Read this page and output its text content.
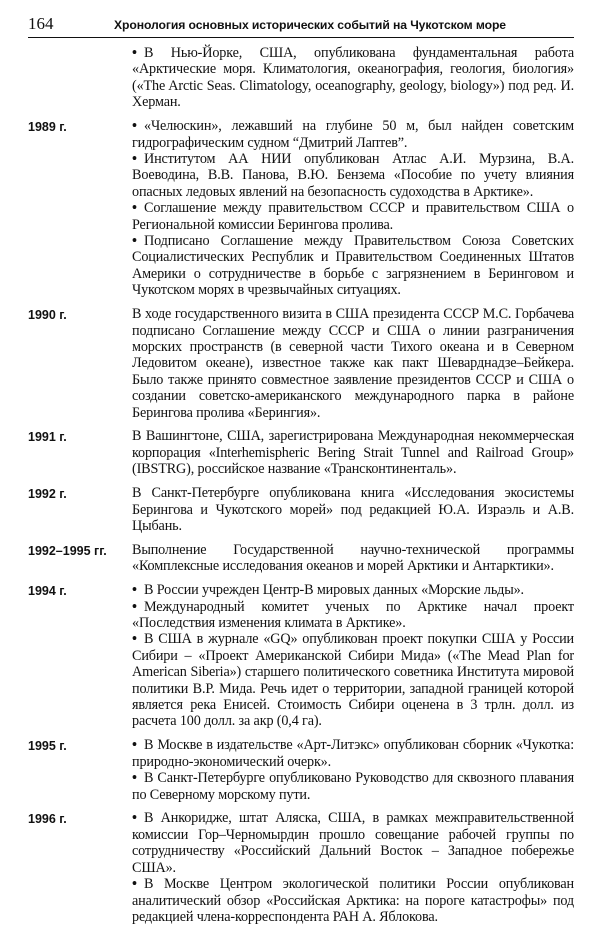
164	Хронология основных исторических событий на Чукотском море

• В Нью-Йорке, США, опубликована фундаментальная работа «Арктические моря. Климатология, океанография, геология, биология» («The Arctic Seas. Climatology, oceanography, geology, biology») под ред. И. Херман.

1989 г.	• «Челюскин», лежавший на глубине 50 м, был найден советским гидрографическим судном “Дмитрий Лаптев”.

• Институтом АА НИИ опубликован Атлас А.И. Мурзина, В.А. Воеводина, В.В. Панова, В.Ю. Бензема «Пособие по учету влияния опасных ледовых явлений на безопасность судоходства в Арктике».

• Соглашение между правительством СССР и правительством США о Региональной комиссии Берингова пролива.

• Подписано Соглашение между Правительством Союза Советских Социалистических Республик и Правительством Соединенных Штатов Америки о сотрудничестве в борьбе с загрязнением в Беринговом и Чукотском морях в чрезвычайных ситуациях.

1990 г.	В ходе государственного визита в США президента СССР М.С. Горбачева подписано Соглашение между СССР и США о линии разграничения морских пространств (в северной части Тихого океана и в Северном Ледовитом океане), известное также как пакт Шеварднадзе–Бейкера. Было также принято совместное заявление президентов СССР и США о создании советско-американского международного парка в районе Берингова пролива «Берингия».

1991 г.	В Вашингтоне, США, зарегистрирована Международная некоммерческая корпорация «Interhemispheric Bering Strait Tunnel and Railroad Group» (IBSTRG), российское название «Трансконтиненталь».

1992 г.	В Санкт-Петербурге опубликована книга «Исследования экосистемы Берингова и Чукотского морей» под редакцией Ю.А. Израэль и А.В. Цыбань.

1992–1995 гг.	Выполнение Государственной научно-технической программы «Комплексные исследования океанов и морей Арктики и Антарктики».

1994 г.	• В России учрежден Центр-В мировых данных «Морские льды».

• Международный комитет ученых по Арктике начал проект «Последствия изменения климата в Арктике».

• В США в журнале «GQ» опубликован проект покупки США у России Сибири – «Проект Американской Сибири Мида» («The Mead Plan for American Siberia») старшего политического советника Института мировой политики В.Р. Мида. Речь идет о территории, западной границей которой является река Енисей. Стоимость Сибири оценена в 3 трлн. долл. из расчета 100 долл. за акр (0,4 га).

1995 г.	• В Москве в издательстве «Арт-Литэкс» опубликован сборник «Чукотка: природно-экономический очерк».

• В Санкт-Петербурге опубликовано Руководство для сквозного плавания по Северному морскому пути.

1996 г.	• В Анкоридже, штат Аляска, США, в рамках межправительственной комиссии Гор–Черномырдин прошло совещание рабочей группы по сотрудничеству «Российский Дальний Восток – Западное побережье США».

• В Москве Центром экологической политики России опубликован аналитический обзор «Российская Арктика: на пороге катастрофы» под редакцией члена-корреспондента РАН А. Яблокова.
